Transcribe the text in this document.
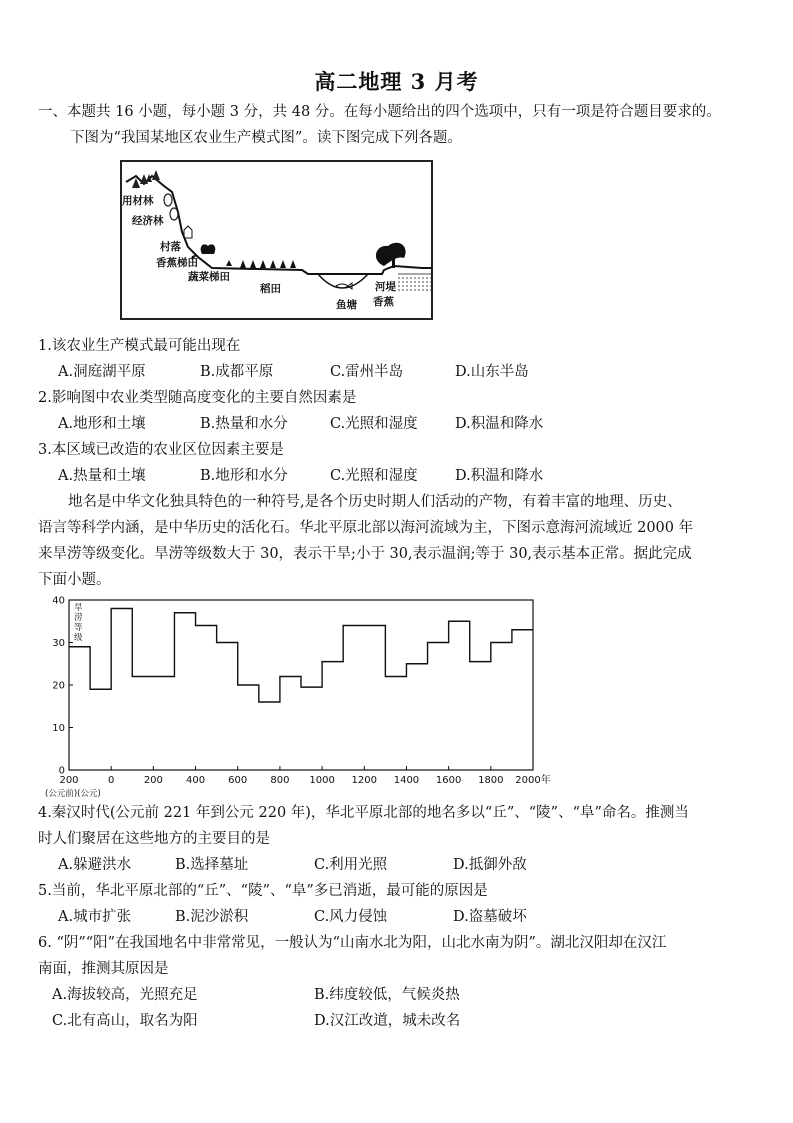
高二地理 3 月考
一、本题共 16 小题，每小题 3 分，共 48 分。在每小题给出的四个选项中，只有一项是符合题目要求的。
下图为“我国某地区农业生产模式图”。读下图完成下列各题。
用材林
经济林
村落
香蕉梯田
蔬菜梯田
稻田
鱼塘
河堤
香蕉
1.该农业生产模式最可能出现在
A.洞庭湖平原	B.成都平原	C.雷州半岛	D.山东半岛
2.影响图中农业类型随高度变化的主要自然因素是
A.地形和土壤	B.热量和水分	C.光照和湿度	D.积温和降水
3.本区域已改造的农业区位因素主要是
A.热量和土壤	B.地形和水分	C.光照和湿度	D.积温和降水
地名是中华文化独具特色的一种符号,是各个历史时期人们活动的产物，有着丰富的地理、历史、
语言等科学内涵，是中华历史的活化石。华北平原北部以海河流域为主，下图示意海河流域近 2000 年
来旱涝等级变化。旱涝等级数大于 30，表示干旱;小于 30,表示温润;等于 30,表示基本正常。据此完成
下面小题。
0
10
20
30
40
200	0	200 400 600 800 1000 1200 1400 1600 1800 2000年
(公元前)(公元)
旱
涝
等
级
4.秦汉时代(公元前 221 年到公元 220 年)，华北平原北部的地名多以“丘”、“陵”、“阜”命名。推测当
时人们聚居在这些地方的主要目的是
A.躲避洪水	B.选择墓址	C.利用光照	D.抵御外敌
5.当前，华北平原北部的“丘”、“陵”、“阜”多已消逝，最可能的原因是
A.城市扩张	B.泥沙淤积	C.风力侵蚀	D.盗墓破坏
6. “阴”“阳”在我国地名中非常常见，一般认为“山南水北为阳，山北水南为阴”。湖北汉阳却在汉江
南面，推测其原因是
A.海拔较高，光照充足	B.纬度较低，气候炎热
C.北有高山，取名为阳	D.汉江改道，城未改名
